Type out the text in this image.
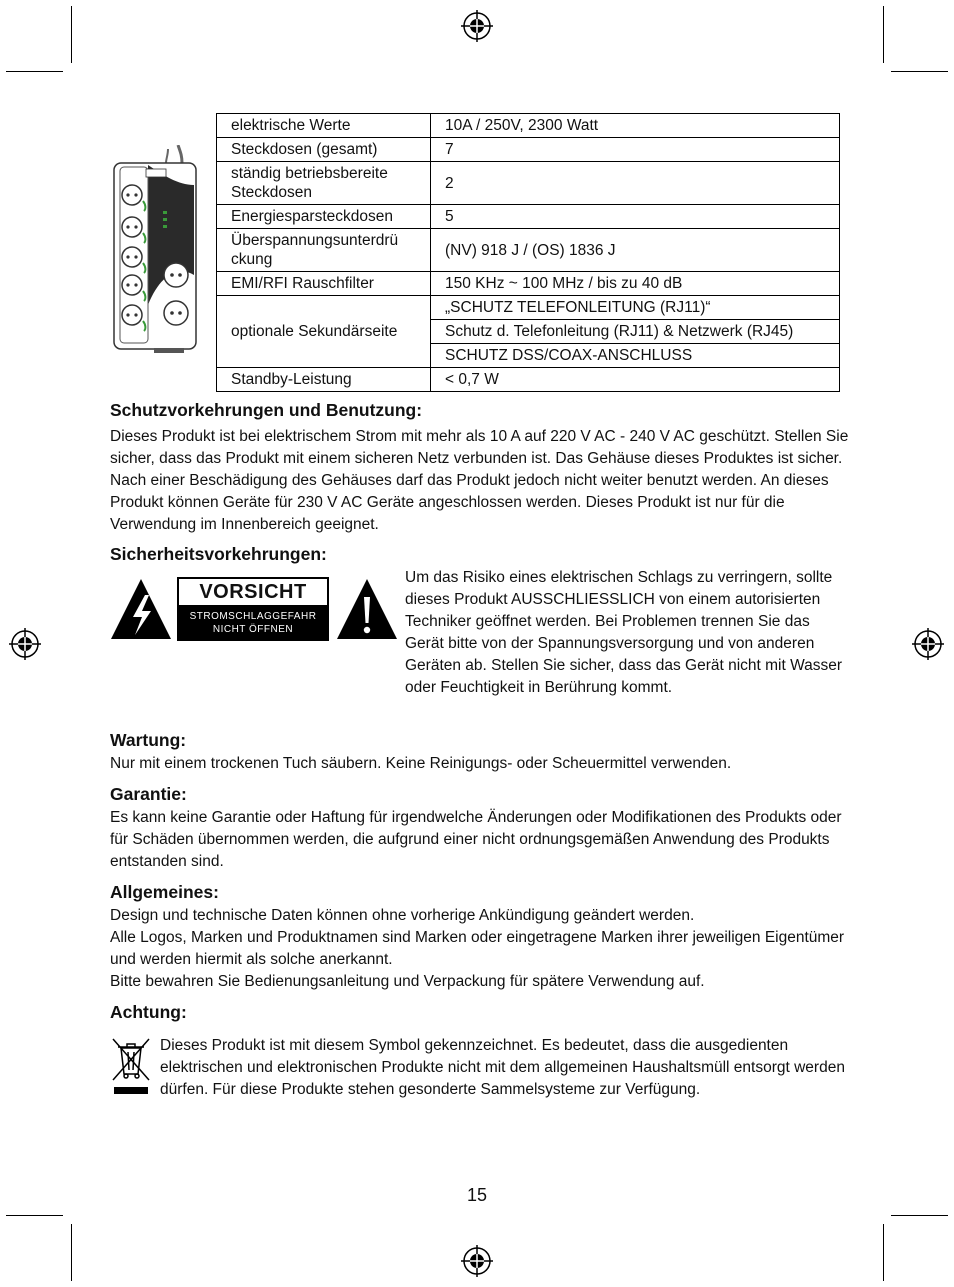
elektrische Werte	10A / 250V, 2300 Watt
Steckdosen (gesamt)	7
ständig betriebsbereite Steckdosen	2
Energiesparsteckdosen	5
Überspannungsunterdrü ckung	(NV) 918 J / (OS) 1836 J
EMI/RFI Rauschfilter	150 KHz ~ 100 MHz / bis zu 40 dB
optionale Sekundärseite	„SCHUTZ TELEFONLEITUNG (RJ11)“
	Schutz d. Telefonleitung (RJ11) & Netzwerk (RJ45)
	SCHUTZ DSS/COAX-ANSCHLUSS
Standby-Leistung	< 0,7 W
Schutzvorkehrungen und Benutzung:

Dieses Produkt ist bei elektrischem Strom mit mehr als 10 A auf 220 V AC - 240 V AC geschützt. Stellen Sie sicher, dass das Produkt mit einem sicheren Netz verbunden ist. Das Gehäuse dieses Produktes ist sicher. Nach einer Beschädigung des Gehäuses darf das Produkt jedoch nicht weiter benutzt werden. An dieses Produkt können Geräte für 230 V AC Geräte angeschlossen werden. Dieses Produkt ist nur für die Verwendung im Innenbereich geeignet.

Sicherheitsvorkehrungen:
VORSICHT
STROMSCHLAGGEFAHR
NICHT ÖFFNEN

Um das Risiko eines elektrischen Schlags zu verringern, sollte dieses Produkt AUSSCHLIESSLICH von einem autorisierten Techniker geöffnet werden. Bei Problemen trennen Sie das Gerät bitte von der Spannungsversorgung und von anderen Geräten ab. Stellen Sie sicher, dass das Gerät nicht mit Wasser oder Feuchtigkeit in Berührung kommt.

Wartung:

Nur mit einem trockenen Tuch säubern. Keine Reinigungs- oder Scheuermittel verwenden.

Garantie:

Es kann keine Garantie oder Haftung für irgendwelche Änderungen oder Modifikationen des Produkts oder für Schäden übernommen werden, die aufgrund einer nicht ordnungsgemäßen Anwendung des Produkts entstanden sind.

Allgemeines:

Design und technische Daten können ohne vorherige Ankündigung geändert werden.

Alle Logos, Marken und Produktnamen sind Marken oder eingetragene Marken ihrer jeweiligen Eigentümer und werden hiermit als solche anerkannt.

Bitte bewahren Sie Bedienungsanleitung und Verpackung für spätere Verwendung auf.

Achtung:

Dieses Produkt ist mit diesem Symbol gekennzeichnet. Es bedeutet, dass die ausgedienten elektrischen und elektronischen Produkte nicht mit dem allgemeinen Haushaltsmüll entsorgt werden dürfen. Für diese Produkte stehen gesonderte Sammelsysteme zur Verfügung.

15
